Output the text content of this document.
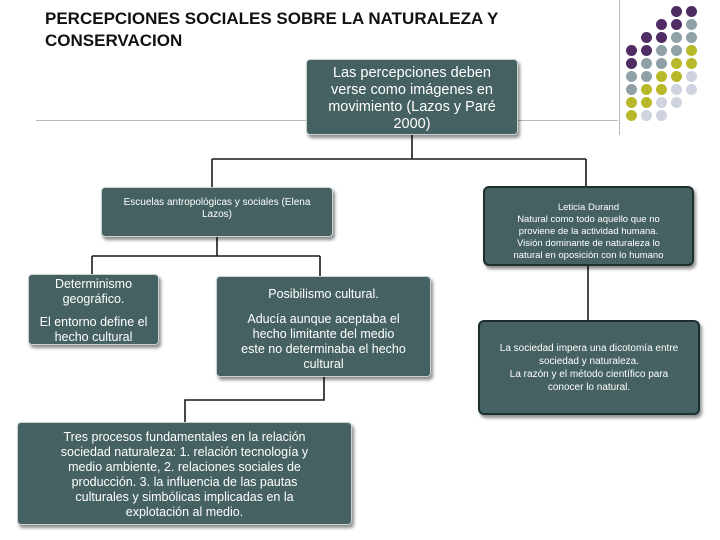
PERCEPCIONES SOCIALES SOBRE LA NATURALEZA Y
CONSERVACION

Las percepciones deben

verse como imágenes en

movimiento (Lazos y Paré

2000)

Escuelas antropológicas y sociales (Elena

Lazos)

Leticia Durand

Natural como todo aquello que no

proviene de la actividad humana.

Visión dominante de naturaleza lo

natural en oposición con lo humano

Determinismo

geográfico.

El entorno define el

hecho cultural

Posibilismo cultural.

Aducía aunque aceptaba el

hecho limitante del medio

este no determinaba el hecho

cultural

La sociedad impera una dicotomía entre

sociedad y naturaleza.

La razón y el método científico para

conocer lo natural.

Tres procesos fundamentales en la relación

sociedad naturaleza: 1. relación tecnología y

medio ambiente, 2. relaciones sociales de

producción. 3. la influencia de las pautas

culturales y simbólicas implicadas en la

explotación al medio.
